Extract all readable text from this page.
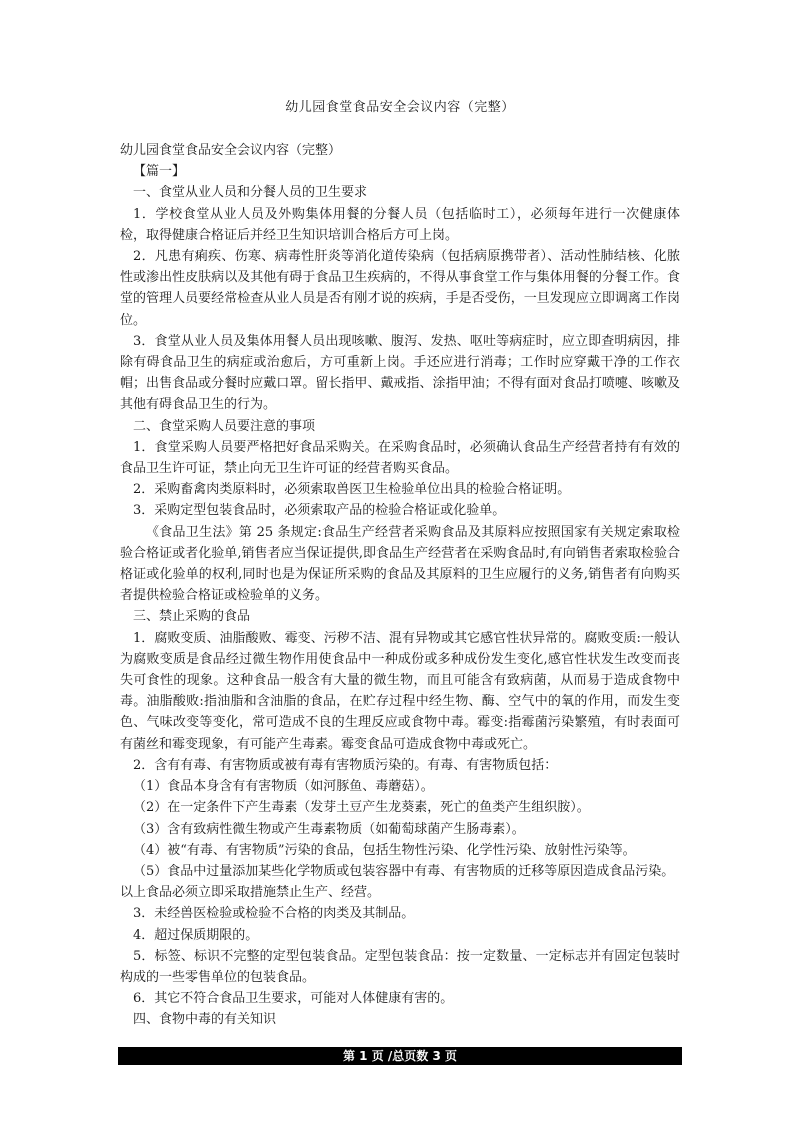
幼儿园食堂食品安全会议内容（完整）

幼儿园食堂食品安全会议内容（完整）

【篇一】

一、食堂从业人员和分餐人员的卫生要求

1．学校食堂从业人员及外购集体用餐的分餐人员（包括临时工），必须每年进行一次健康体检，取得健康合格证后并经卫生知识培训合格后方可上岗。

2．凡患有痢疾、伤寒、病毒性肝炎等消化道传染病（包括病原携带者）、活动性肺结核、化脓性或渗出性皮肤病以及其他有碍于食品卫生疾病的，不得从事食堂工作与集体用餐的分餐工作。食堂的管理人员要经常检查从业人员是否有刚才说的疾病，手是否受伤，一旦发现应立即调离工作岗位。

3．食堂从业人员及集体用餐人员出现咳嗽、腹泻、发热、呕吐等病症时，应立即查明病因，排除有碍食品卫生的病症或治愈后，方可重新上岗。手还应进行消毒；工作时应穿戴干净的工作衣帽；出售食品或分餐时应戴口罩。留长指甲、戴戒指、涂指甲油；不得有面对食品打喷嚏、咳嗽及其他有碍食品卫生的行为。

二、食堂采购人员要注意的事项

1．食堂采购人员要严格把好食品采购关。在采购食品时，必须确认食品生产经营者持有有效的食品卫生许可证，禁止向无卫生许可证的经营者购买食品。

2．采购畜禽肉类原料时，必须索取兽医卫生检验单位出具的检验合格证明。

3．采购定型包装食品时，必须索取产品的检验合格证或化验单。

《食品卫生法》第 25 条规定:食品生产经营者采购食品及其原料应按照国家有关规定索取检验合格证或者化验单,销售者应当保证提供,即食品生产经营者在采购食品时,有向销售者索取检验合格证或化验单的权利,同时也是为保证所采购的食品及其原料的卫生应履行的义务,销售者有向购买者提供检验合格证或检验单的义务。

三、禁止采购的食品

1．腐败变质、油脂酸败、霉变、污秽不洁、混有异物或其它感官性状异常的。腐败变质:一般认为腐败变质是食品经过微生物作用使食品中一种成份或多种成份发生变化,感官性状发生改变而丧失可食性的现象。这种食品一般含有大量的微生物，而且可能含有致病菌，从而易于造成食物中毒。油脂酸败:指油脂和含油脂的食品，在贮存过程中经生物、酶、空气中的氧的作用，而发生变色、气味改变等变化，常可造成不良的生理反应或食物中毒。霉变:指霉菌污染繁殖，有时表面可有菌丝和霉变现象，有可能产生毒素。霉变食品可造成食物中毒或死亡。

2．含有有毒、有害物质或被有毒有害物质污染的。有毒、有害物质包括：

（1）食品本身含有有害物质（如河豚鱼、毒蘑菇）。

（2）在一定条件下产生毒素（发芽土豆产生龙葵素，死亡的鱼类产生组织胺）。

（3）含有致病性微生物或产生毒素物质（如葡萄球菌产生肠毒素）。

（4）被“有毒、有害物质”污染的食品，包括生物性污染、化学性污染、放射性污染等。

（5）食品中过量添加某些化学物质或包装容器中有毒、有害物质的迁移等原因造成食品污染。

以上食品必须立即采取措施禁止生产、经营。

3．未经兽医检验或检验不合格的肉类及其制品。

4．超过保质期限的。

5．标签、标识不完整的定型包装食品。定型包装食品：按一定数量、一定标志并有固定包装时构成的一些零售单位的包装食品。

6．其它不符合食品卫生要求，可能对人体健康有害的。

四、食物中毒的有关知识

第 1 页 /总页数 3 页
